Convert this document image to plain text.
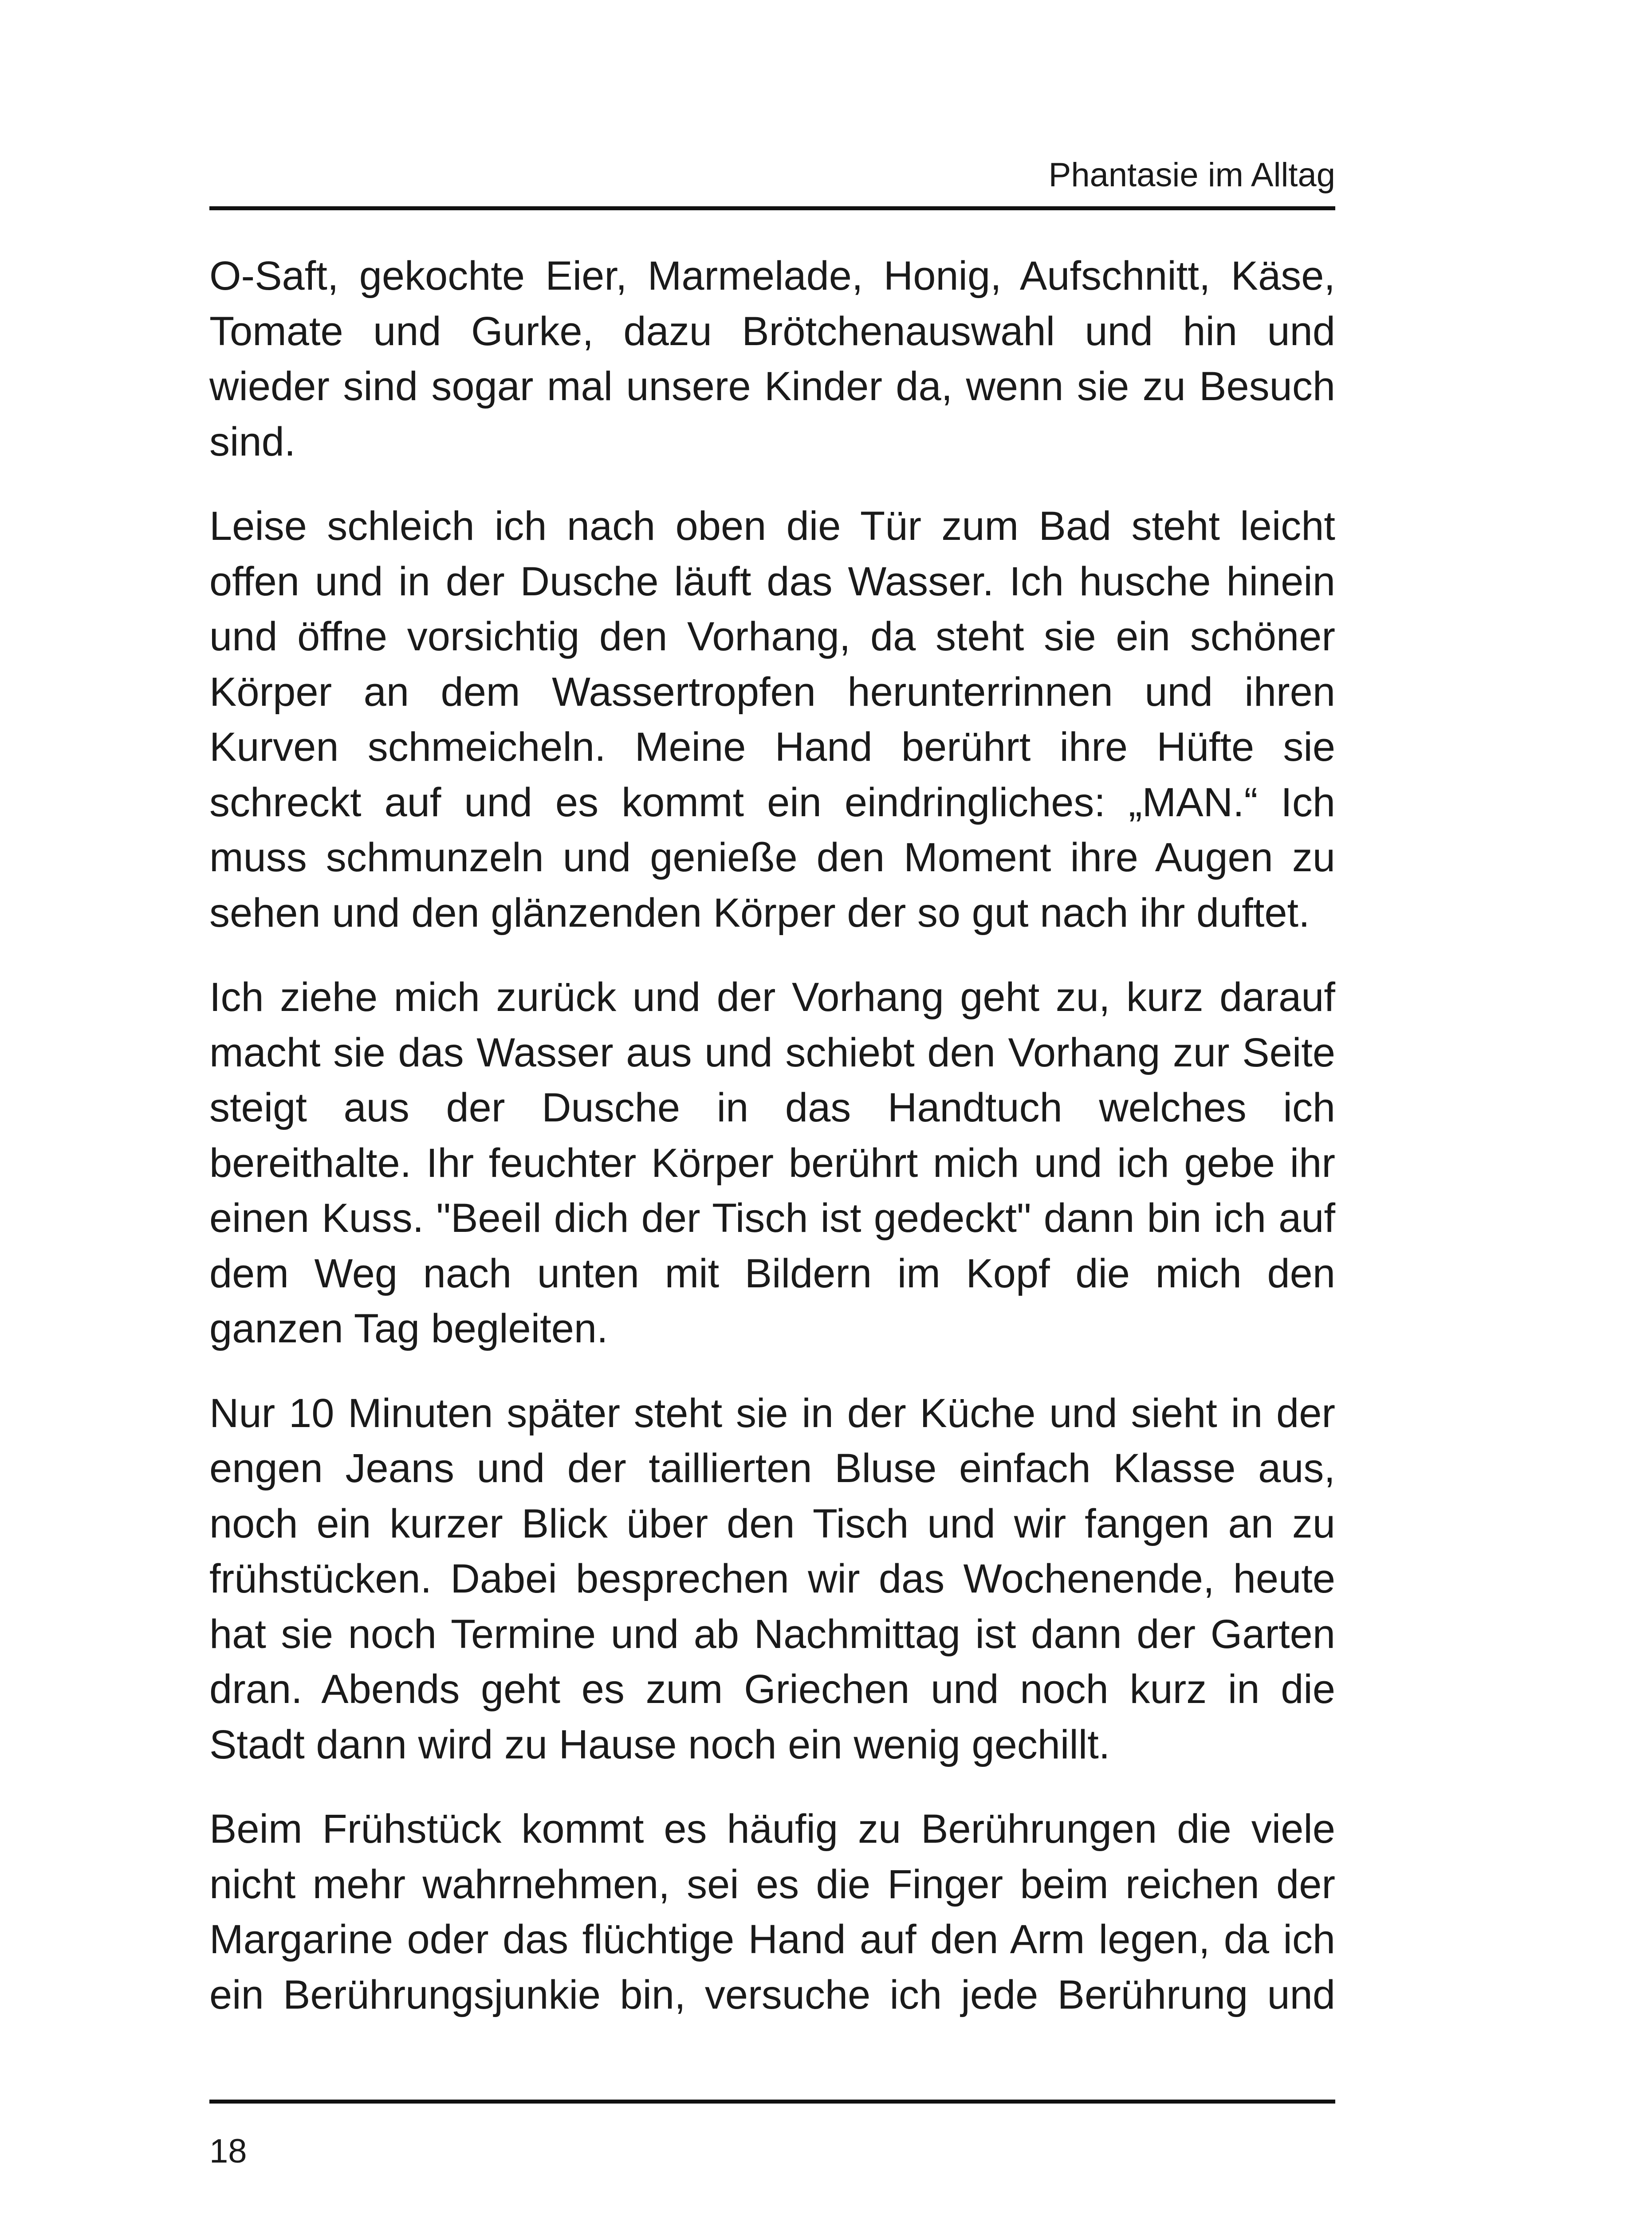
Phantasie im Alltag

O-Saft, gekochte Eier, Marmelade, Honig, Aufschnitt, Käse, Tomate und Gurke, dazu Brötchenauswahl und hin und wieder sind sogar mal unsere Kinder da, wenn sie zu Besuch sind.

Leise schleich ich nach oben die Tür zum Bad steht leicht offen und in der Dusche läuft das Wasser. Ich husche hinein und öffne vorsichtig den Vorhang, da steht sie ein schöner Körper an dem Wassertropfen herunterrinnen und ihren Kurven schmeicheln. Meine Hand berührt ihre Hüfte sie schreckt auf und es kommt ein eindringliches: „MAN.“ Ich muss schmunzeln und genieße den Moment ihre Augen zu sehen und den glänzenden Körper der so gut nach ihr duftet.

Ich ziehe mich zurück und der Vorhang geht zu, kurz darauf macht sie das Wasser aus und schiebt den Vorhang zur Seite steigt aus der Dusche in das Handtuch welches ich bereithalte. Ihr feuchter Körper berührt mich und ich gebe ihr einen Kuss. "Beeil dich der Tisch ist gedeckt" dann bin ich auf dem Weg nach unten mit Bildern im Kopf die mich den ganzen Tag begleiten.

Nur 10 Minuten später steht sie in der Küche und sieht in der engen Jeans und der taillierten Bluse einfach Klasse aus, noch ein kurzer Blick über den Tisch und wir fangen an zu frühstücken. Dabei besprechen wir das Wochenende, heute hat sie noch Termine und ab Nachmittag ist dann der Garten dran. Abends geht es zum Griechen und noch kurz in die Stadt dann wird zu Hause noch ein wenig gechillt.

Beim Frühstück kommt es häufig zu Berührungen die viele nicht mehr wahrnehmen, sei es die Finger beim reichen der Margarine oder das flüchtige Hand auf den Arm legen, da ich ein Berührungsjunkie bin, versuche ich jede Berührung und

18
